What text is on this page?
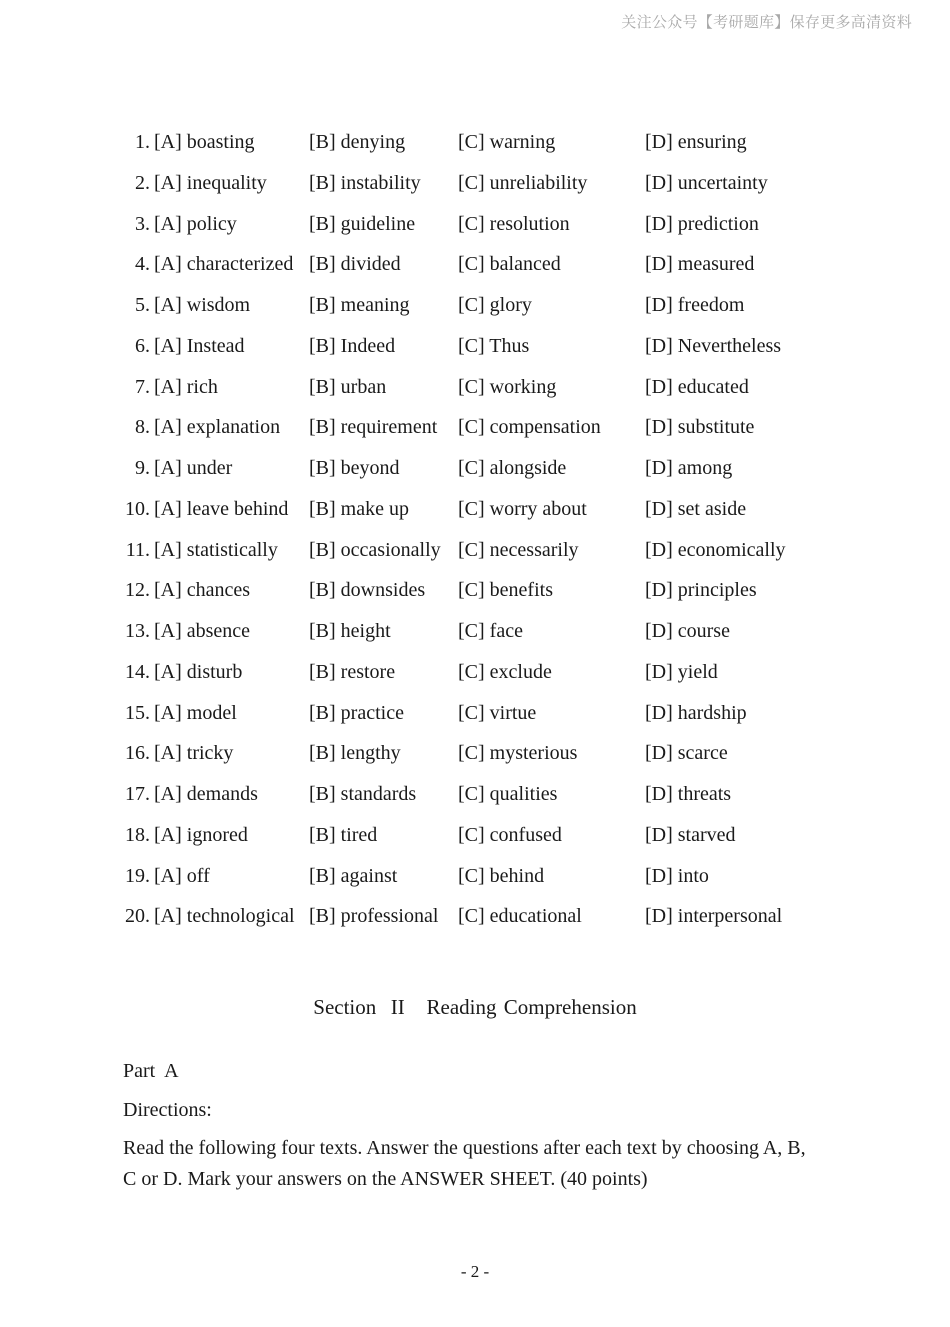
关注公众号【考研题库】保存更多高清资料
1. [A] boasting	[B] denying	[C] warning	[D] ensuring
2. [A] inequality [B] instability [C] unreliability	[D] uncertainty
3. [A] policy	[B] guideline [C] resolution	[D] prediction
4. [A] characterized [B] divided	[C] balanced	[D] measured
5. [A] wisdom	[B] meaning [C] glory	[D] freedom
6. [A] Instead	[B] Indeed	[C] Thus	[D] Nevertheless
7. [A] rich	[B] urban	[C] working	[D] educated
8. [A] explanation [B] requirement [C] compensation [D] substitute
9. [A] under	[B] beyond	[C] alongside	[D] among
10. [A] leave behind [B] make up [C] worry about	[D] set aside
11. [A] statistically [B] occasionally [C] necessarily	[D] economically
12. [A] chances	[B] downsides [C] benefits	[D] principles
13. [A] absence	[B] height	[C] face	[D] course
14. [A] disturb	[B] restore	[C] exclude	[D] yield
15. [A] model	[B] practice	[C] virtue	[D] hardship
16. [A] tricky	[B] lengthy	[C] mysterious	[D] scarce
17. [A] demands	[B] standards [C] qualities	[D] threats
18. [A] ignored	[B] tired	[C] confused	[D] starved
19. [A] off	[B] against	[C] behind	[D] into
20. [A] technological [B] professional [C] educational	[D] interpersonal
Section  II   Reading Comprehension
Part  A
Directions:
Read the following four texts. Answer the questions after each text by choosing A, B, C or D. Mark your answers on the ANSWER SHEET. (40 points)
- 2 -
